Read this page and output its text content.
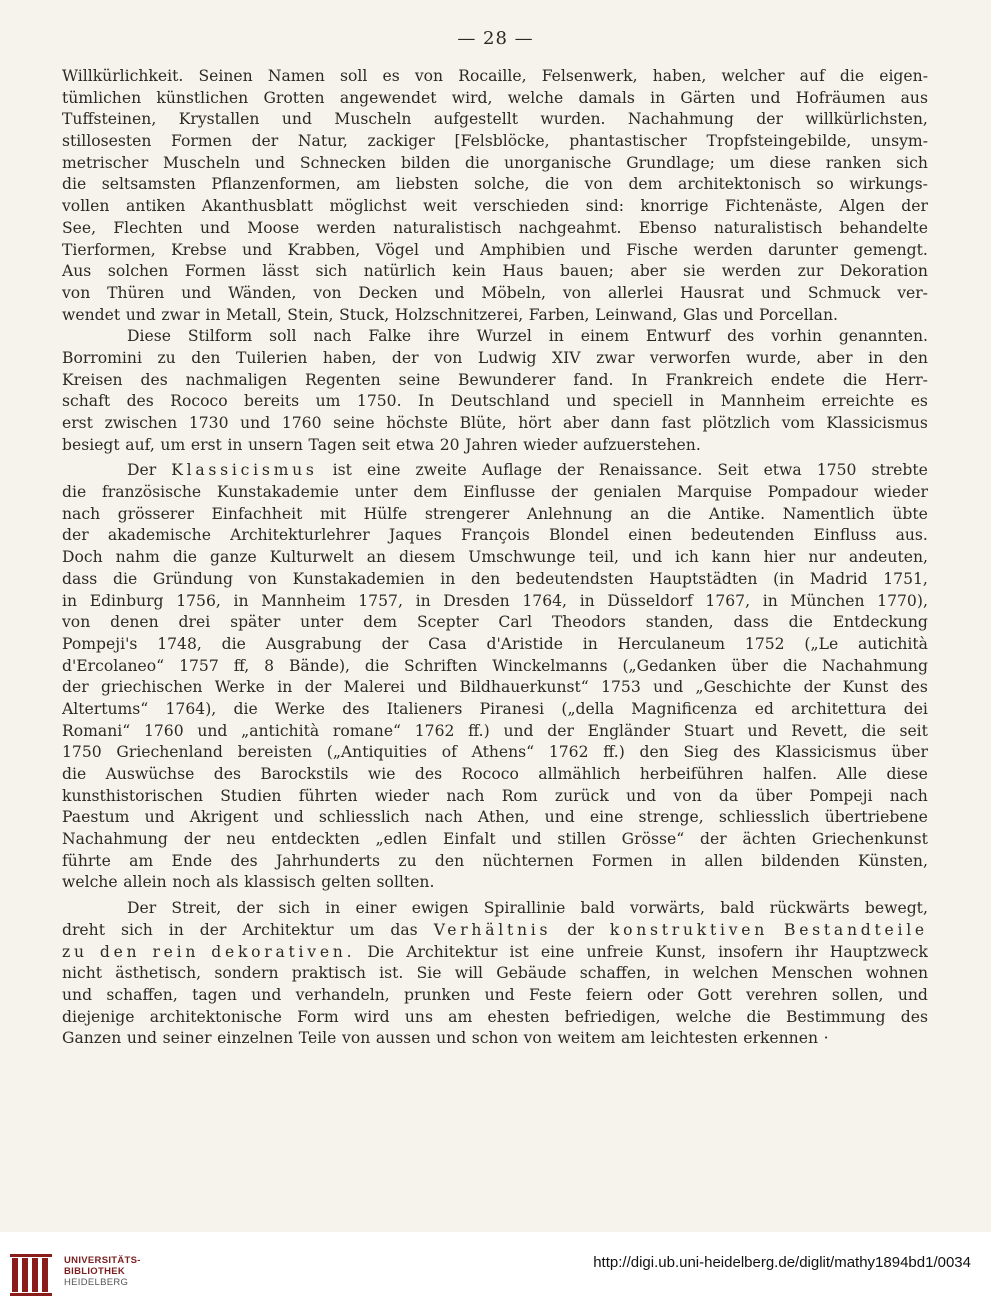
— 28 —
Willkürlichkeit. Seinen Namen soll es von Rocaille, Felsenwerk, haben, welcher auf die eigen-
tümlichen künstlichen Grotten angewendet wird, welche damals in Gärten und Hofräumen aus
Tuffsteinen, Krystallen und Muscheln aufgestellt wurden. Nachahmung der willkürlichsten,
stillosesten Formen der Natur, zackiger [Felsblöcke, phantastischer Tropfsteingebilde, unsym-
metrischer Muscheln und Schnecken bilden die unorganische Grundlage; um diese ranken sich
die seltsamsten Pflanzenformen, am liebsten solche, die von dem architektonisch so wirkungs-
vollen antiken Akanthusblatt möglichst weit verschieden sind: knorrige Fichtenäste, Algen der
See, Flechten und Moose werden naturalistisch nachgeahmt. Ebenso naturalistisch behandelte
Tierformen, Krebse und Krabben, Vögel und Amphibien und Fische werden darunter gemengt.
Aus solchen Formen lässt sich natürlich kein Haus bauen; aber sie werden zur Dekoration
von Thüren und Wänden, von Decken und Möbeln, von allerlei Hausrat und Schmuck ver-
wendet und zwar in Metall, Stein, Stuck, Holzschnitzerei, Farben, Leinwand, Glas und Porcellan.
Diese Stilform soll nach Falke ihre Wurzel in einem Entwurf des vorhin genannten.
Borromini zu den Tuilerien haben, der von Ludwig XIV zwar verworfen wurde, aber in den
Kreisen des nachmaligen Regenten seine Bewunderer fand. In Frankreich endete die Herr-
schaft des Rococo bereits um 1750. In Deutschland und speciell in Mannheim erreichte es
erst zwischen 1730 und 1760 seine höchste Blüte, hört aber dann fast plötzlich vom Klassicismus
besiegt auf, um erst in unsern Tagen seit etwa 20 Jahren wieder aufzuerstehen.
Der Klassicismus ist eine zweite Auflage der Renaissance. Seit etwa 1750 strebte
die französische Kunstakademie unter dem Einflusse der genialen Marquise Pompadour wieder
nach grösserer Einfachheit mit Hülfe strengerer Anlehnung an die Antike. Namentlich übte
der akademische Architekturlehrer Jaques François Blondel einen bedeutenden Einfluss aus.
Doch nahm die ganze Kulturwelt an diesem Umschwunge teil, und ich kann hier nur andeuten,
dass die Gründung von Kunstakademien in den bedeutendsten Hauptstädten (in Madrid 1751,
in Edinburg 1756, in Mannheim 1757, in Dresden 1764, in Düsseldorf 1767, in München 1770),
von denen drei später unter dem Scepter Carl Theodors standen, dass die Entdeckung
Pompeji's 1748, die Ausgrabung der Casa d'Aristide in Herculaneum 1752 („Le autichità
d'Ercolaneo“ 1757 ff, 8 Bände), die Schriften Winckelmanns („Gedanken über die Nachahmung
der griechischen Werke in der Malerei und Bildhauerkunst“ 1753 und „Geschichte der Kunst des
Altertums“ 1764), die Werke des Italieners Piranesi („della Magnificenza ed architettura dei
Romani“ 1760 und „antichità romane“ 1762 ff.) und der Engländer Stuart und Revett, die seit
1750 Griechenland bereisten („Antiquities of Athens“ 1762 ff.) den Sieg des Klassicismus über
die Auswüchse des Barockstils wie des Rococo allmählich herbeiführen halfen. Alle diese
kunsthistorischen Studien führten wieder nach Rom zurück und von da über Pompeji nach
Paestum und Akrigent und schliesslich nach Athen, und eine strenge, schliesslich übertriebene
Nachahmung der neu entdeckten „edlen Einfalt und stillen Grösse“ der ächten Griechenkunst
führte am Ende des Jahrhunderts zu den nüchternen Formen in allen bildenden Künsten,
welche allein noch als klassisch gelten sollten.
Der Streit, der sich in einer ewigen Spirallinie bald vorwärts, bald rückwärts bewegt,
dreht sich in der Architektur um das Verhältnis der konstruktiven Bestandteile
zu den rein dekorativen. Die Architektur ist eine unfreie Kunst, insofern ihr Hauptzweck
nicht ästhetisch, sondern praktisch ist. Sie will Gebäude schaffen, in welchen Menschen wohnen
und schaffen, tagen und verhandeln, prunken und Feste feiern oder Gott verehren sollen, und
diejenige architektonische Form wird uns am ehesten befriedigen, welche die Bestimmung des
Ganzen und seiner einzelnen Teile von aussen und schon von weitem am leichtesten erkennen ·
UNIVERSITÄTS-
BIBLIOTHEK
HEIDELBERG
http://digi.ub.uni-heidelberg.de/diglit/mathy1894bd1/0034
